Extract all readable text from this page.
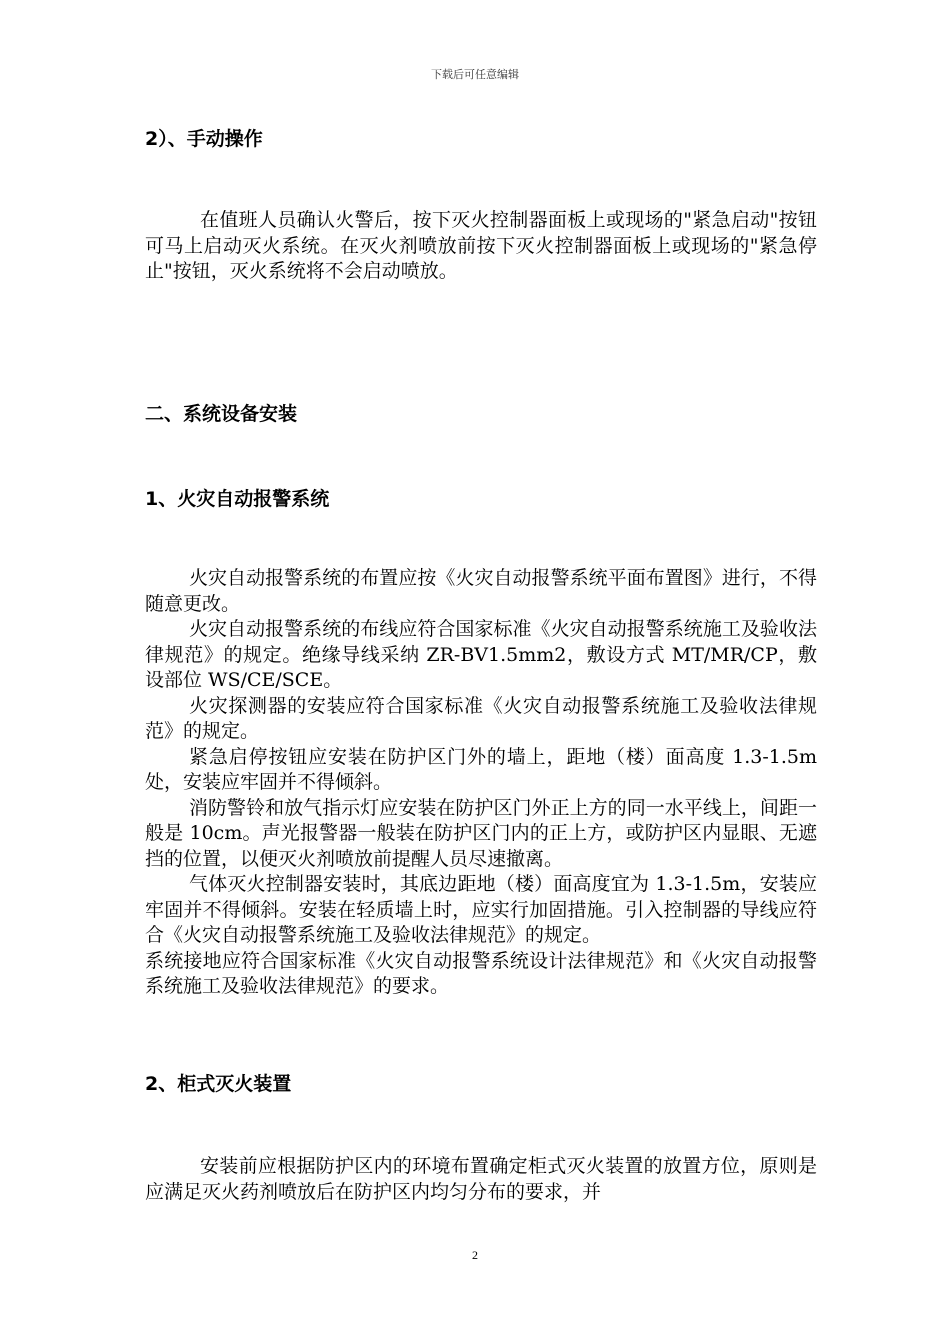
下载后可任意编辑
2）、手动操作
在值班人员确认火警后，按下灭火控制器面板上或现场的"紧急启动"按钮可马上启动灭火系统。在灭火剂喷放前按下灭火控制器面板上或现场的"紧急停止"按钮，灭火系统将不会启动喷放。
二、系统设备安装
1、火灾自动报警系统

火灾自动报警系统的布置应按《火灾自动报警系统平面布置图》进行，不得随意更改。

火灾自动报警系统的布线应符合国家标准《火灾自动报警系统施工及验收法律规范》的规定。绝缘导线采纳 ZR-BV1.5mm2，敷设方式 MT/MR/CP，敷设部位 WS/CE/SCE。

火灾探测器的安装应符合国家标准《火灾自动报警系统施工及验收法律规范》的规定。

紧急启停按钮应安装在防护区门外的墙上，距地（楼）面高度 1.3-1.5m 处，安装应牢固并不得倾斜。

消防警铃和放气指示灯应安装在防护区门外正上方的同一水平线上，间距一般是 10cm。声光报警器一般装在防护区门内的正上方，或防护区内显眼、无遮挡的位置，以便灭火剂喷放前提醒人员尽速撤离。

气体灭火控制器安装时，其底边距地（楼）面高度宜为 1.3-1.5m，安装应牢固并不得倾斜。安装在轻质墙上时，应实行加固措施。引入控制器的导线应符合《火灾自动报警系统施工及验收法律规范》的规定。

系统接地应符合国家标准《火灾自动报警系统设计法律规范》和《火灾自动报警系统施工及验收法律规范》的要求。

2、柜式灭火装置
安装前应根据防护区内的环境布置确定柜式灭火装置的放置方位，原则是应满足灭火药剂喷放后在防护区内均匀分布的要求，并
2
